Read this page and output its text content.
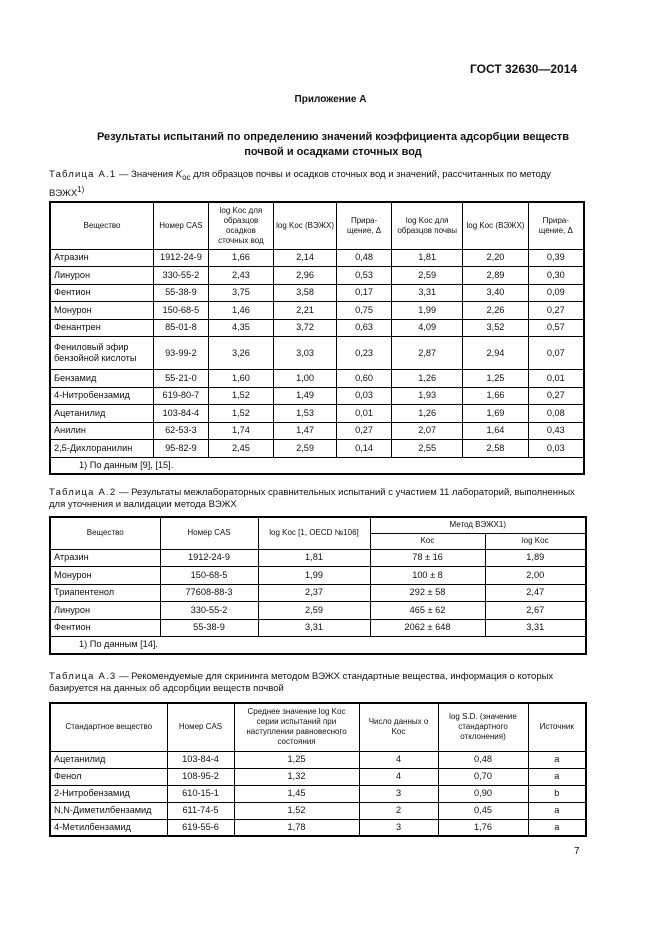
ГОСТ 32630—2014
Приложение А
Результаты испытаний по определению значений коэффициента адсорбции веществ
почвой и осадками сточных вод
Таблица А.1 — Значения $K_{oc}$ для образцов почвы и осадков сточных вод и значений, рассчитанных по методу ВЭЖХ$^{1)}$
Вещество	Номер CAS	log Koc для образцов осадков сточных вод	log Koc (ВЭЖХ)	Прира- щение, Δ	log Koc для образцов почвы	log Koc (ВЭЖХ)	Прира- щение, Δ
Атразин	1912-24-9	1,66	2,14	0,48	1,81	2,20	0,39
Линурон	330-55-2	2,43	2,96	0,53	2,59	2,89	0,30
Фентион	55-38-9	3,75	3,58	0,17	3,31	3,40	0,09
Монурон	150-68-5	1,46	2,21	0,75	1,99	2,26	0,27
Фенантрен	85-01-8	4,35	3,72	0,63	4,09	3,52	0,57
Фениловый эфир бензойной кислоты	93-99-2	3,26	3,03	0,23	2,87	2,94	0,07
Бензамид	55-21-0	1,60	1,00	0,60	1,26	1,25	0,01
4-Нитробензамид	619-80-7	1,52	1,49	0,03	1,93	1,66	0,27
Ацетанилид	103-84-4	1,52	1,53	0,01	1,26	1,69	0,08
Анилин	62-53-3	1,74	1,47	0,27	2,07	1,64	0,43
2,5-Дихлоранилин	95-82-9	2,45	2,59	0,14	2,55	2,58	0,03
1) По данным [9], [15].							
Таблица А.2 — Результаты межлабораторных сравнительных испытаний с участием 11 лабораторий, выполненных для уточнения и валидации метода ВЭЖХ
Вещество	Номер CAS	log Koc [1, OECD №106]	Метод ВЭЖХ1)	
			Koc	log Koc
Атразин	1912-24-9	1,81	78 ± 16	1,89
Монурон	150-68-5	1,99	100 ± 8	2,00
Триапентенол	77608-88-3	2,37	292 ± 58	2,47
Линурон	330-55-2	2,59	465 ± 62	2,67
Фентион	55-38-9	3,31	2062 ± 648	3,31
1) По данным [14].				
Таблица А.3 — Рекомендуемые для скрининга методом ВЭЖХ стандартные вещества, информация о которых базируется на данных об адсорбции веществ почвой
Стандартное вещество	Номер CAS	Среднее значение log Koc серии испытаний при наступлении равновесного состояния	Число данных о Koc	log S.D. (значение стандартного отклонения)	Источник
Ацетанилид	103-84-4	1,25	4	0,48	a
Фенол	108-95-2	1,32	4	0,70	a
2-Нитробензамид	610-15-1	1,45	3	0,90	b
N,N-Диметилбензамид	611-74-5	1,52	2	0,45	a
4-Метилбензамид	619-55-6	1,78	3	1,76	a
7
